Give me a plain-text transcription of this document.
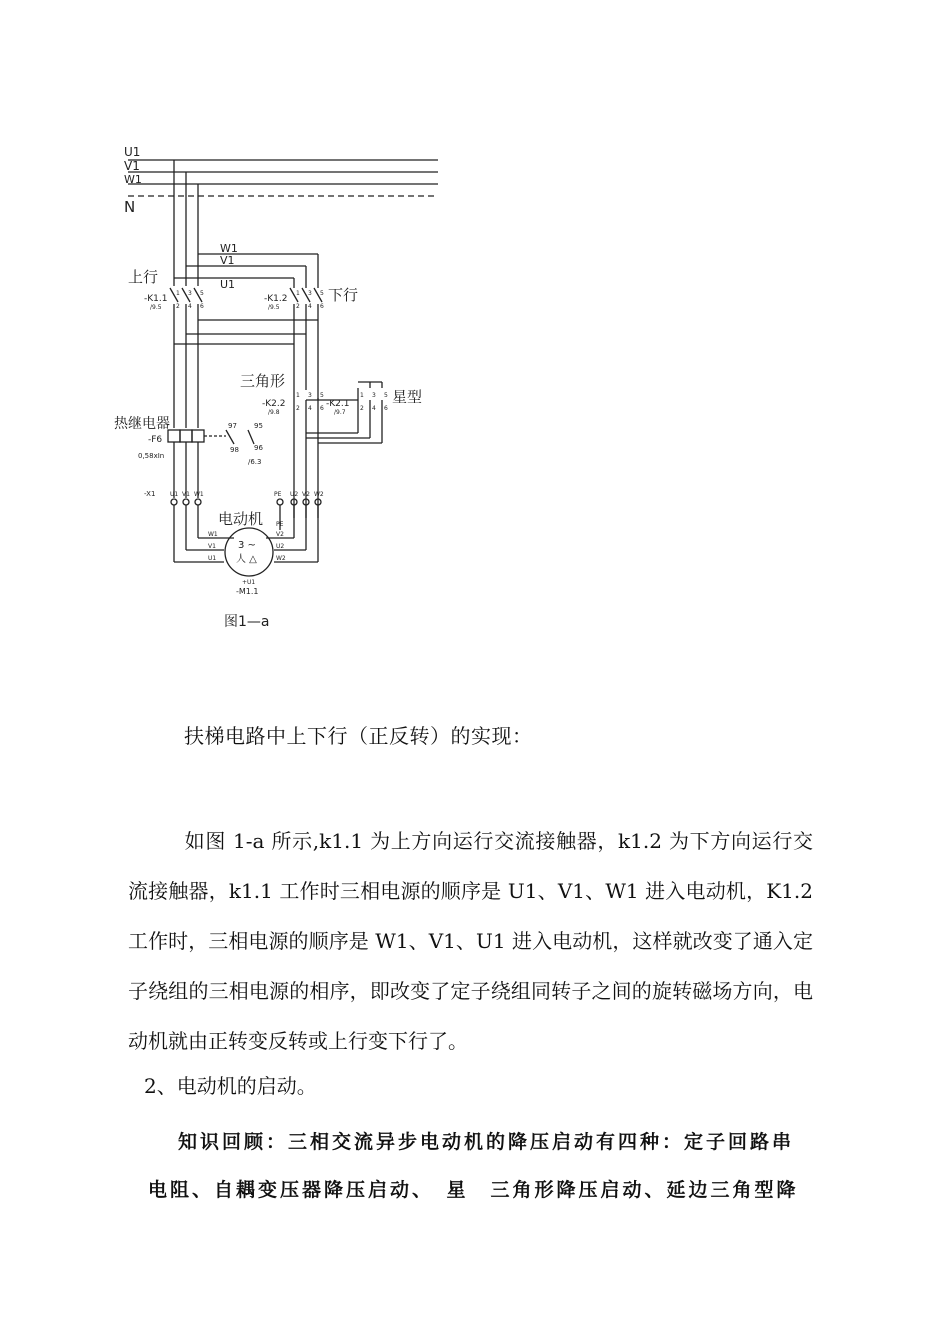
U1
V1
W1
N
W1
V1
U1
上行
下行
-K1.1
/9.5
-K1.2
/9.5
三角形
星型
-K2.2
/9.8
-K2.1
/9.7
热继电器
-F6
0,58xIn
97
98
95
96
/6.3
-X1 U1 V1 W1	PE U2 V2 W2
电动机 PE
W1
V1
U1
V2
U2
W2
3 ~
人 △
+U1
-M1.1
图1—a
1
2
3
4
5
6
1
2
3
4
5
6
1
2
3
4
5
6
1
2
3
4
5
6
扶梯电路中上下行（正反转）的实现：
如图 1-a 所示,k1.1 为上方向运行交流接触器，k1.2 为下方向运行交流接触器，k1.1 工作时三相电源的顺序是 U1、V1、W1 进入电动机，K1.2 工作时，三相电源的顺序是 W1、V1、U1 进入电动机，这样就改变了通入定子绕组的三相电源的相序，即改变了定子绕组同转子之间的旋转磁场方向，电动机就由正转变反转或上行变下行了。
2、电动机的启动。
知识回顾：三相交流异步电动机的降压启动有四种：定子回路串电阻、自耦变压器降压启动、　星　三角形降压启动、延边三角型降
